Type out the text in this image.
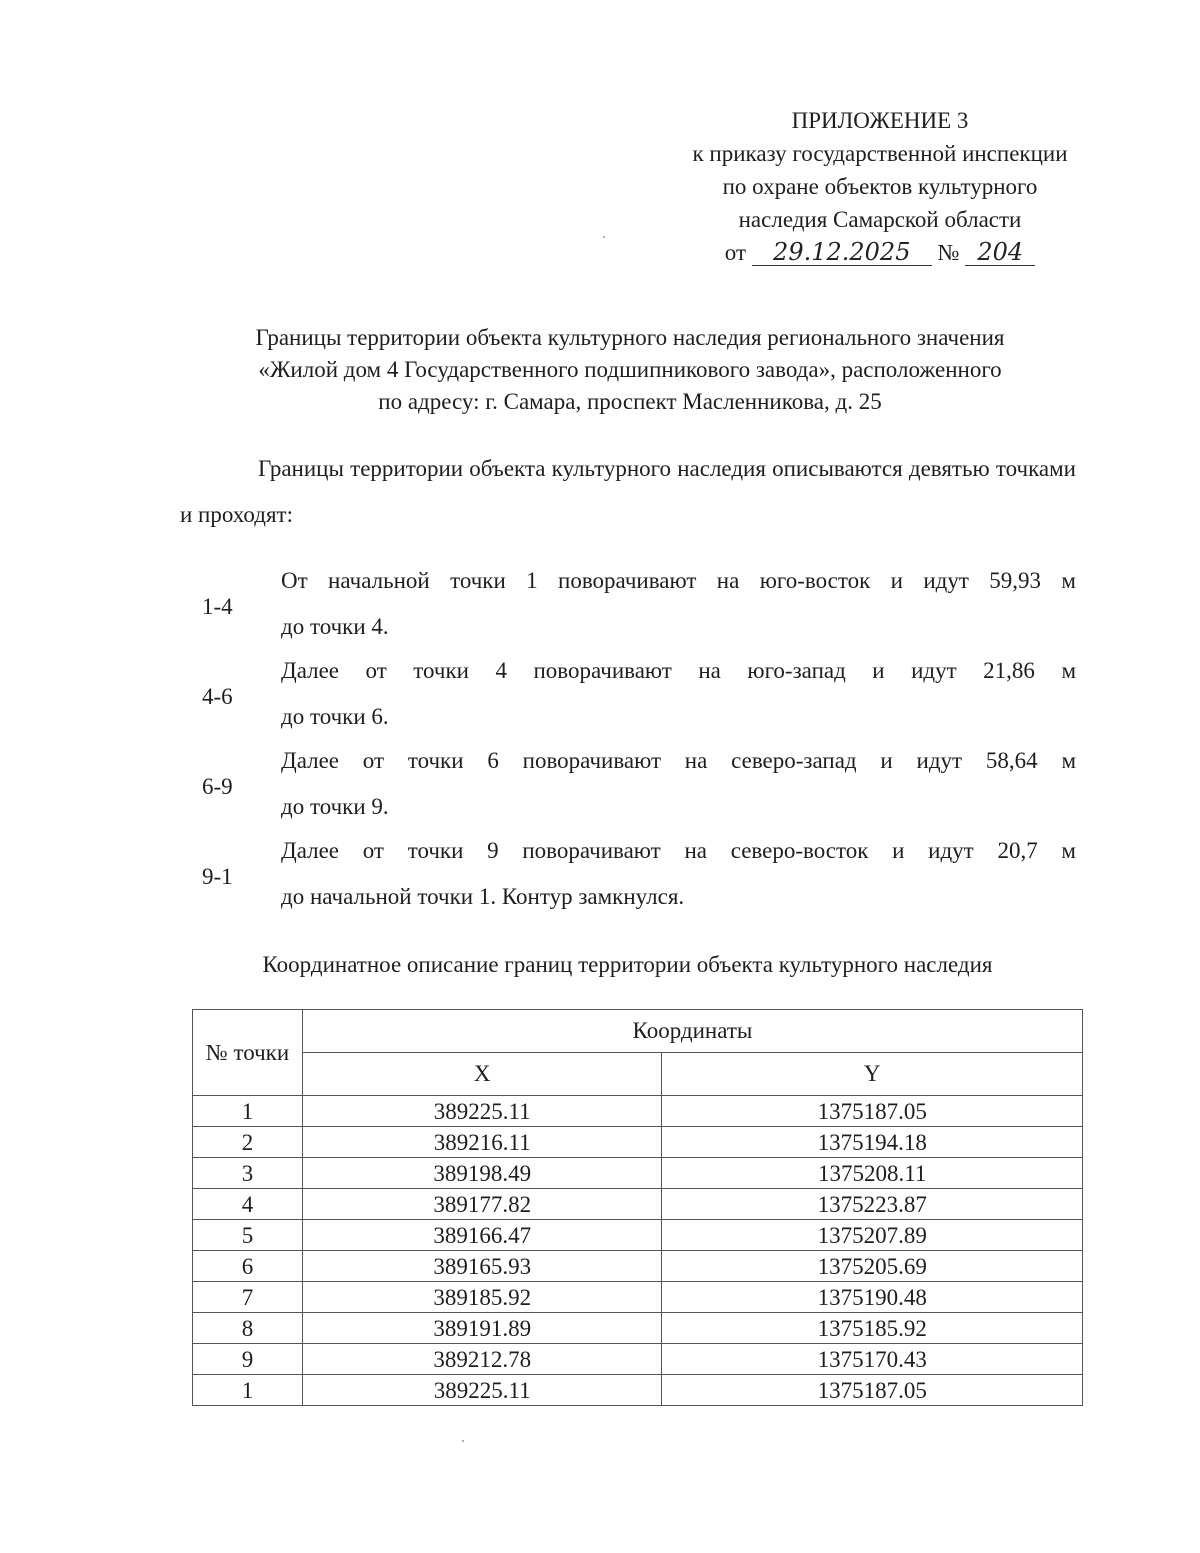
ПРИЛОЖЕНИЕ 3
к приказу государственной инспекции
по охране объектов культурного
наследия Самарской области
от 29.12.2025 № 204
Границы территории объекта культурного наследия регионального значения
«Жилой дом 4 Государственного подшипникового завода», расположенного
по адресу: г. Самара, проспект Масленникова, д. 25
Границы территории объекта культурного наследия описываются девятью точками и проходят:
1-4
От начальной точки 1 поворачивают на юго-восток и идут 59,93 м
до точки 4.
4-6
Далее от точки 4 поворачивают на юго-запад и идут 21,86 м
до точки 6.
6-9
Далее от точки 6 поворачивают на северо-запад и идут 58,64 м
до точки 9.
9-1
Далее от точки 9 поворачивают на северо-восток и идут 20,7 м
до начальной точки 1. Контур замкнулся.
Координатное описание границ территории объекта культурного наследия
№ точки	Координаты	
	X	Y
1	389225.11	1375187.05
2	389216.11	1375194.18
3	389198.49	1375208.11
4	389177.82	1375223.87
5	389166.47	1375207.89
6	389165.93	1375205.69
7	389185.92	1375190.48
8	389191.89	1375185.92
9	389212.78	1375170.43
1	389225.11	1375187.05
